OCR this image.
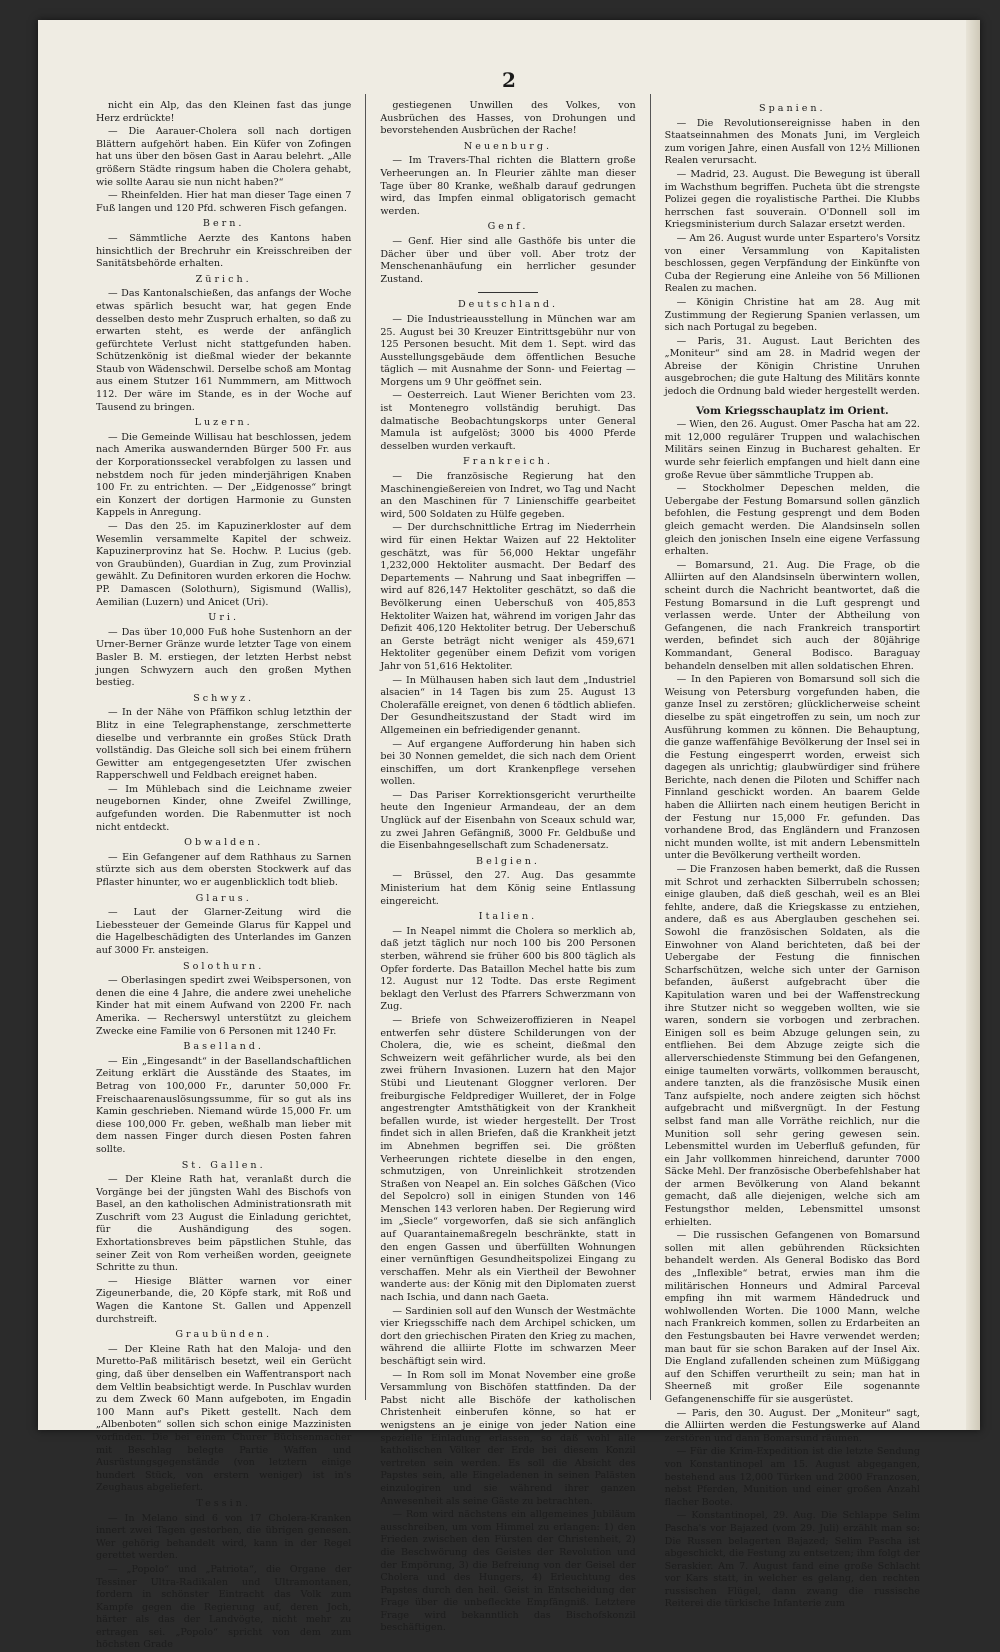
2

nicht ein Alp, das den Kleinen fast das junge Herz erdrückte!

— Die Aarauer-Cholera soll nach dortigen Blättern aufgehört haben. Ein Küfer von Zofingen hat uns über den bösen Gast in Aarau belehrt. „Alle größern Städte ringsum haben die Cholera gehabt, wie sollte Aarau sie nun nicht haben?“

— Rheinfelden. Hier hat man dieser Tage einen 7 Fuß langen und 120 Pfd. schweren Fisch gefangen.

Bern.

— Sämmtliche Aerzte des Kantons haben hinsichtlich der Brechruhr ein Kreisschreiben der Sanitätsbehörde erhalten.

Zürich.

— Das Kantonalschießen, das anfangs der Woche etwas spärlich besucht war, hat gegen Ende desselben desto mehr Zuspruch erhalten, so daß zu erwarten steht, es werde der anfänglich gefürchtete Verlust nicht stattgefunden haben. Schützenkönig ist dießmal wieder der bekannte Staub von Wädenschwil. Derselbe schoß am Montag aus einem Stutzer 161 Nummmern, am Mittwoch 112. Der wäre im Stande, es in der Woche auf Tausend zu bringen.

Luzern.

— Die Gemeinde Willisau hat beschlossen, jedem nach Amerika auswandernden Bürger 500 Fr. aus der Korporationsseckel verabfolgen zu lassen und nebstdem noch für jeden minderjährigen Knaben 100 Fr. zu entrichten. — Der „Eidgenosse“ bringt ein Konzert der dortigen Harmonie zu Gunsten Kappels in Anregung.

— Das den 25. im Kapuzinerkloster auf dem Wesemlin versammelte Kapitel der schweiz. Kapuzinerprovinz hat Se. Hochw. P. Lucius (geb. von Graubünden), Guardian in Zug, zum Provinzial gewählt. Zu Definitoren wurden erkoren die Hochw. PP. Damascen (Solothurn), Sigismund (Wallis), Aemilian (Luzern) und Anicet (Uri).

Uri.

— Das über 10,000 Fuß hohe Sustenhorn an der Urner-Berner Gränze wurde letzter Tage von einem Basler B. M. erstiegen, der letzten Herbst nebst jungen Schwyzern auch den großen Mythen bestieg.

Schwyz.

— In der Nähe von Pfäffikon schlug letzthin der Blitz in eine Telegraphenstange, zerschmetterte dieselbe und verbrannte ein großes Stück Drath vollständig. Das Gleiche soll sich bei einem frühern Gewitter am entgegengesetzten Ufer zwischen Rapperschwell und Feldbach ereignet haben.

— Im Mühlebach sind die Leichname zweier neugebornen Kinder, ohne Zweifel Zwillinge, aufgefunden worden. Die Rabenmutter ist noch nicht entdeckt.

Obwalden.

— Ein Gefangener auf dem Rathhaus zu Sarnen stürzte sich aus dem obersten Stockwerk auf das Pflaster hinunter, wo er augenblicklich todt blieb.

Glarus.

— Laut der Glarner-Zeitung wird die Liebessteuer der Gemeinde Glarus für Kappel und die Hagelbeschädigten des Unterlandes im Ganzen auf 3000 Fr. ansteigen.

Solothurn.

— Oberlasingen spedirt zwei Weibspersonen, von denen die eine 4 Jahre, die andere zwei uneheliche Kinder hat mit einem Aufwand von 2200 Fr. nach Amerika. — Recherswyl unterstützt zu gleichem Zwecke eine Familie von 6 Personen mit 1240 Fr.

Baselland.

— Ein „Eingesandt“ in der Basellandschaftlichen Zeitung erklärt die Ausstände des Staates, im Betrag von 100,000 Fr., darunter 50,000 Fr. Freischaarenauslösungssumme, für so gut als ins Kamin geschrieben. Niemand würde 15,000 Fr. um diese 100,000 Fr. geben, weßhalb man lieber mit dem nassen Finger durch diesen Posten fahren sollte.

St. Gallen.

— Der Kleine Rath hat, veranlaßt durch die Vorgänge bei der jüngsten Wahl des Bischofs von Basel, an den katholischen Administrationsrath mit Zuschrift vom 23 August die Einladung gerichtet, für die Aushändigung des sogen. Exhortationsbreves beim päpstlichen Stuhle, das seiner Zeit von Rom verheißen worden, geeignete Schritte zu thun.

— Hiesige Blätter warnen vor einer Zigeunerbande, die, 20 Köpfe stark, mit Roß und Wagen die Kantone St. Gallen und Appenzell durchstreift.

Graubünden.

— Der Kleine Rath hat den Maloja- und den Muretto-Paß militärisch besetzt, weil ein Gerücht ging, daß über denselben ein Waffentransport nach dem Veltlin beabsichtigt werde. In Puschlav wurden zu dem Zweck 60 Mann aufgeboten, im Engadin 100 Mann auf's Pikett gestellt. Nach dem „Albenboten“ sollen sich schon einige Mazzinisten vorfinden. Die bei einem Churer Büchsenmacher mit Beschlag belegte Partie Waffen und Ausrüstungsgegenstände (von letztern einige hundert Stück, von erstern weniger) ist in's Zeughaus abgeliefert.

Tessin.

— In Melano sind 6 von 17 Cholera-Kranken innert zwei Tagen gestorben, die übrigen genesen. Wer gehörig behandelt wird, kann in der Regel gerettet werden.

— „Popolo“ und „Patriota“, die Organe der Tessiner Ultra-Radikalen und Ultramontanen, fordern in schönster Eintracht das Volk zum Kampfe gegen die Regierung auf, deren Joch, härter als das der Landvögte, nicht mehr zu ertragen sei. „Popolo“ spricht von dem zum höchsten Grade

gestiegenen Unwillen des Volkes, von Ausbrüchen des Hasses, von Drohungen und bevorstehenden Ausbrüchen der Rache!

Neuenburg.

— Im Travers-Thal richten die Blattern große Verheerungen an. In Fleurier zählte man dieser Tage über 80 Kranke, weßhalb darauf gedrungen wird, das Impfen einmal obligatorisch gemacht werden.

Genf.

— Genf. Hier sind alle Gasthöfe bis unter die Dächer über und über voll. Aber trotz der Menschenanhäufung ein herrlicher gesunder Zustand.

Deutschland.

— Die Industrieausstellung in München war am 25. August bei 30 Kreuzer Eintrittsgebühr nur von 125 Personen besucht. Mit dem 1. Sept. wird das Ausstellungsgebäude dem öffentlichen Besuche täglich — mit Ausnahme der Sonn- und Feiertag — Morgens um 9 Uhr geöffnet sein.

— Oesterreich. Laut Wiener Berichten vom 23. ist Montenegro vollständig beruhigt. Das dalmatische Beobachtungskorps unter General Mamula ist aufgelöst; 3000 bis 4000 Pferde desselben wurden verkauft.

Frankreich.

— Die französische Regierung hat den Maschinengießereien von Indret, wo Tag und Nacht an den Maschinen für 7 Linienschiffe gearbeitet wird, 500 Soldaten zu Hülfe gegeben.

— Der durchschnittliche Ertrag im Niederrhein wird für einen Hektar Waizen auf 22 Hektoliter geschätzt, was für 56,000 Hektar ungefähr 1,232,000 Hektoliter ausmacht. Der Bedarf des Departements — Nahrung und Saat inbegriffen — wird auf 826,147 Hektoliter geschätzt, so daß die Bevölkerung einen Ueberschuß von 405,853 Hektoliter Waizen hat, während im vorigen Jahr das Defizit 406,120 Hektoliter betrug. Der Ueberschuß an Gerste beträgt nicht weniger als 459,671 Hektoliter gegenüber einem Defizit vom vorigen Jahr von 51,616 Hektoliter.

— In Mülhausen haben sich laut dem „Industriel alsacien“ in 14 Tagen bis zum 25. August 13 Cholerafälle ereignet, von denen 6 tödtlich abliefen. Der Gesundheitszustand der Stadt wird im Allgemeinen ein befriedigender genannt.

— Auf ergangene Aufforderung hin haben sich bei 30 Nonnen gemeldet, die sich nach dem Orient einschiffen, um dort Krankenpflege versehen wollen.

— Das Pariser Korrektionsgericht verurtheilte heute den Ingenieur Armandeau, der an dem Unglück auf der Eisenbahn von Sceaux schuld war, zu zwei Jahren Gefängniß, 3000 Fr. Geldbuße und die Eisenbahngesellschaft zum Schadenersatz.

Belgien.

— Brüssel, den 27. Aug. Das gesammte Ministerium hat dem König seine Entlassung eingereicht.

Italien.

— In Neapel nimmt die Cholera so merklich ab, daß jetzt täglich nur noch 100 bis 200 Personen sterben, während sie früher 600 bis 800 täglich als Opfer forderte. Das Bataillon Mechel hatte bis zum 12. August nur 12 Todte. Das erste Regiment beklagt den Verlust des Pfarrers Schwerzmann von Zug.

— Briefe von Schweizeroffizieren in Neapel entwerfen sehr düstere Schilderungen von der Cholera, die, wie es scheint, dießmal den Schweizern weit gefährlicher wurde, als bei den zwei frühern Invasionen. Luzern hat den Major Stübi und Lieutenant Gloggner verloren. Der freiburgische Feldprediger Wuilleret, der in Folge angestrengter Amtsthätigkeit von der Krankheit befallen wurde, ist wieder hergestellt. Der Trost findet sich in allen Briefen, daß die Krankheit jetzt im Abnehmen begriffen sei. Die größten Verheerungen richtete dieselbe in den engen, schmutzigen, von Unreinlichkeit strotzenden Straßen von Neapel an. Ein solches Gäßchen (Vico del Sepolcro) soll in einigen Stunden von 146 Menschen 143 verloren haben. Der Regierung wird im „Siecle“ vorgeworfen, daß sie sich anfänglich auf Quarantainemaßregeln beschränkte, statt in den engen Gassen und überfüllten Wohnungen einer vernünftigen Gesundheitspolizei Eingang zu verschaffen. Mehr als ein Viertheil der Bewohner wanderte aus: der König mit den Diplomaten zuerst nach Ischia, und dann nach Gaeta.

— Sardinien soll auf den Wunsch der Westmächte vier Kriegsschiffe nach dem Archipel schicken, um dort den griechischen Piraten den Krieg zu machen, während die alliirte Flotte im schwarzen Meer beschäftigt sein wird.

— In Rom soll im Monat November eine große Versammlung von Bischöfen stattfinden. Da der Pabst nicht alle Bischöfe der katholischen Christenheit einberufen könne, so hat er wenigstens an je einige von jeder Nation eine spezielle Einladung erlassen, so daß wohl alle katholischen Völker der Erde bei diesem Konzil vertreten sein werden. Es soll die Absicht des Papstes sein, alle Eingeladenen in seinen Palästen einzulogiren und sie während ihrer ganzen Anwesenheit als seine Gäste zu betrachten.

— Rom wird nächstens ein allgemeines Jubiläum ausschreiben, um vom Himmel zu erlangen: 1) den Frieden zwischen den Fürsten der Christenheit, 2) die Beschwörung des Geistes der Revolution und der Empörung, 3) die Befreiung von der Geisel der Cholera und des Hungers, 4) Erleuchtung des Papstes durch den heil. Geist in Entscheidung der Frage über die unbefleckte Empfängniß. Letztere Frage wird bekanntlich das Bischofskonzil beschäftigen.

Spanien.

— Die Revolutionsereignisse haben in den Staatseinnahmen des Monats Juni, im Vergleich zum vorigen Jahre, einen Ausfall von 12½ Millionen Realen verursacht.

— Madrid, 23. August. Die Bewegung ist überall im Wachsthum begriffen. Pucheta übt die strengste Polizei gegen die royalistische Parthei. Die Klubbs herrschen fast souverain. O'Donnell soll im Kriegsministerium durch Salazar ersetzt werden.

— Am 26. August wurde unter Espartero's Vorsitz von einer Versammlung von Kapitalisten beschlossen, gegen Verpfändung der Einkünfte von Cuba der Regierung eine Anleihe von 56 Millionen Realen zu machen.

— Königin Christine hat am 28. Aug mit Zustimmung der Regierung Spanien verlassen, um sich nach Portugal zu begeben.

— Paris, 31. August. Laut Berichten des „Moniteur“ sind am 28. in Madrid wegen der Abreise der Königin Christine Unruhen ausgebrochen; die gute Haltung des Militärs konnte jedoch die Ordnung bald wieder hergestellt werden.

Vom Kriegsschauplatz im Orient.

— Wien, den 26. August. Omer Pascha hat am 22. mit 12,000 regulärer Truppen und walachischen Militärs seinen Einzug in Bucharest gehalten. Er wurde sehr feierlich empfangen und hielt dann eine große Revue über sämmtliche Truppen ab.

— Stockholmer Depeschen melden, die Uebergabe der Festung Bomarsund sollen gänzlich befohlen, die Festung gesprengt und dem Boden gleich gemacht werden. Die Alandsinseln sollen gleich den jonischen Inseln eine eigene Verfassung erhalten.

— Bomarsund, 21. Aug. Die Frage, ob die Alliirten auf den Alandsinseln überwintern wollen, scheint durch die Nachricht beantwortet, daß die Festung Bomarsund in die Luft gesprengt und verlassen werde. Unter der Abtheilung von Gefangenen, die nach Frankreich transportirt werden, befindet sich auch der 80jährige Kommandant, General Bodisco. Baraguay behandeln denselben mit allen soldatischen Ehren.

— In den Papieren von Bomarsund soll sich die Weisung von Petersburg vorgefunden haben, die ganze Insel zu zerstören; glücklicherweise scheint dieselbe zu spät eingetroffen zu sein, um noch zur Ausführung kommen zu können. Die Behauptung, die ganze waffenfähige Bevölkerung der Insel sei in die Festung eingesperrt worden, erweist sich dagegen als unrichtig; glaubwürdiger sind frühere Berichte, nach denen die Piloten und Schiffer nach Finnland geschickt worden. An baarem Gelde haben die Alliirten nach einem heutigen Bericht in der Festung nur 15,000 Fr. gefunden. Das vorhandene Brod, das Engländern und Franzosen nicht munden wollte, ist mit andern Lebensmitteln unter die Bevölkerung vertheilt worden.

— Die Franzosen haben bemerkt, daß die Russen mit Schrot und zerhackten Silberrubeln schossen; einige glauben, daß dieß geschah, weil es an Blei fehlte, andere, daß die Kriegskasse zu entziehen, andere, daß es aus Aberglauben geschehen sei. Sowohl die französischen Soldaten, als die Einwohner von Aland berichteten, daß bei der Uebergabe der Festung die finnischen Scharfschützen, welche sich unter der Garnison befanden, äußerst aufgebracht über die Kapitulation waren und bei der Waffenstreckung ihre Stutzer nicht so weggeben wollten, wie sie waren, sondern sie vorbogen und zerbrachen. Einigen soll es beim Abzuge gelungen sein, zu entfliehen. Bei dem Abzuge zeigte sich die allerverschiedenste Stimmung bei den Gefangenen, einige taumelten vorwärts, vollkommen berauscht, andere tanzten, als die französische Musik einen Tanz aufspielte, noch andere zeigten sich höchst aufgebracht und mißvergnügt. In der Festung selbst fand man alle Vorräthe reichlich, nur die Munition soll sehr gering gewesen sein. Lebensmittel wurden im Ueberfluß gefunden, für ein Jahr vollkommen hinreichend, darunter 7000 Säcke Mehl. Der französische Oberbefehlshaber hat der armen Bevölkerung von Aland bekannt gemacht, daß alle diejenigen, welche sich am Festungsthor melden, Lebensmittel umsonst erhielten.

— Die russischen Gefangenen von Bomarsund sollen mit allen gebührenden Rücksichten behandelt werden. Als General Bodisko das Bord des „Inflexible“ betrat, erwies man ihm die militärischen Honneurs und Admiral Parceval empfing ihn mit warmem Händedruck und wohlwollenden Worten. Die 1000 Mann, welche nach Frankreich kommen, sollen zu Erdarbeiten an den Festungsbauten bei Havre verwendet werden; man baut für sie schon Baraken auf der Insel Aix. Die England zufallenden scheinen zum Müßiggang auf den Schiffen verurtheilt zu sein; man hat in Sheerneß mit großer Eile sogenannte Gefangenenschiffe für sie ausgerüstet.

— Paris, den 30. August. Der „Moniteur“ sagt, die Alliirten werden die Festungswerke auf Aland zerstören und dann Bomarsund räumen.

— Für die Krim-Expedition ist die letzte Sendung von Konstantinopel am 15. August abgegangen, bestehend aus 12,000 Türken und 2000 Franzosen, nebst Pferden, Munition und einer großen Anzahl flacher Boote.

— Konstantinopel, 29. Aug. Die Schlappe Selim Pascha's vor Bajazed (vom 29. Juli) erzählt man so: Die Russen belagerten Bajazed; Selim Pascha ist abgeschickt, die Festung zu entsetzen; ihm folgt der Seraskier. Am 7. August fand eine große Schlacht vor Kars statt, in welcher es gelang, den rechten russischen Flügel, dann zwang die russische Reiterei die türkische Infanterie zum
